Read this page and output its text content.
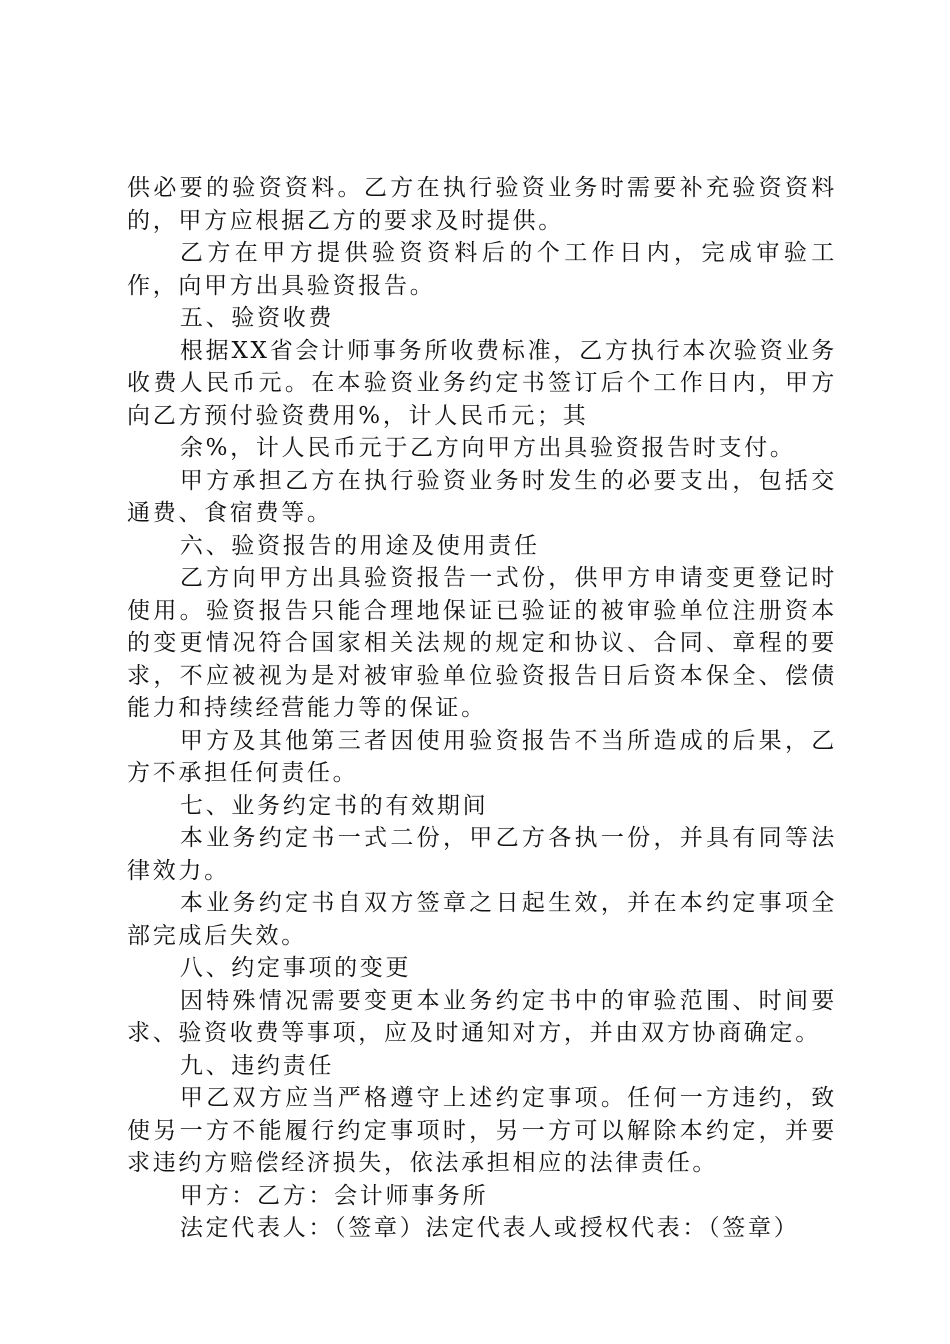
供必要的验资资料。乙方在执行验资业务时需要补充验资资料的，甲方应根据乙方的要求及时提供。

乙方在甲方提供验资资料后的个工作日内，完成审验工作，向甲方出具验资报告。

五、验资收费

根据XX省会计师事务所收费标准，乙方执行本次验资业务收费人民币元。在本验资业务约定书签订后个工作日内，甲方向乙方预付验资费用%，计人民币元；其

余%，计人民币元于乙方向甲方出具验资报告时支付。

甲方承担乙方在执行验资业务时发生的必要支出，包括交通费、食宿费等。

六、验资报告的用途及使用责任

乙方向甲方出具验资报告一式份，供甲方申请变更登记时使用。验资报告只能合理地保证已验证的被审验单位注册资本的变更情况符合国家相关法规的规定和协议、合同、章程的要求，不应被视为是对被审验单位验资报告日后资本保全、偿债能力和持续经营能力等的保证。

甲方及其他第三者因使用验资报告不当所造成的后果，乙方不承担任何责任。

七、业务约定书的有效期间

本业务约定书一式二份，甲乙方各执一份，并具有同等法律效力。

本业务约定书自双方签章之日起生效，并在本约定事项全部完成后失效。

八、约定事项的变更

因特殊情况需要变更本业务约定书中的审验范围、时间要求、验资收费等事项，应及时通知对方，并由双方协商确定。

九、违约责任

甲乙双方应当严格遵守上述约定事项。任何一方违约，致使另一方不能履行约定事项时，另一方可以解除本约定，并要求违约方赔偿经济损失，依法承担相应的法律责任。

甲方：乙方：会计师事务所

法定代表人：（签章）法定代表人或授权代表：（签章）
